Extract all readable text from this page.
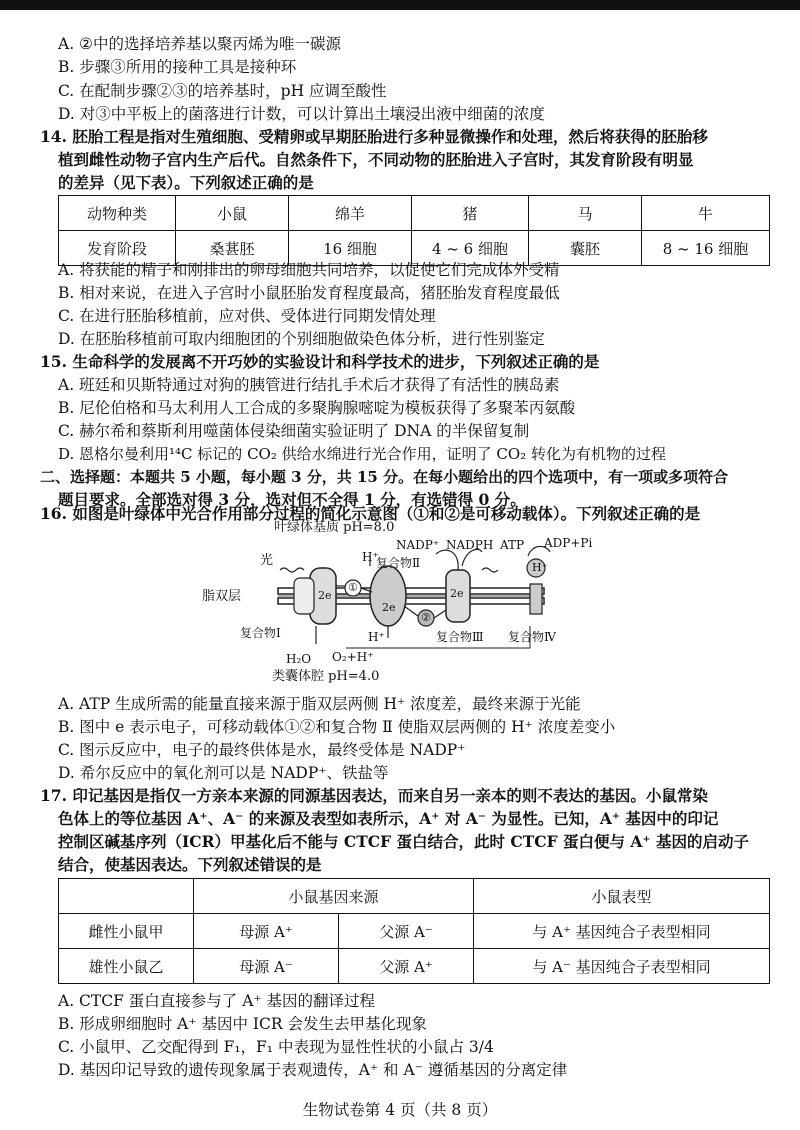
A. ②中的选择培养基以聚丙烯为唯一碳源
B. 步骤③所用的接种工具是接种环
C. 在配制步骤②③的培养基时，pH 应调至酸性
D. 对③中平板上的菌落进行计数，可以计算出土壤浸出液中细菌的浓度
14. 胚胎工程是指对生殖细胞、受精卵或早期胚胎进行多种显微操作和处理，然后将获得的胚胎移
植到雌性动物子宫内生产后代。自然条件下，不同动物的胚胎进入子宫时，其发育阶段有明显
的差异（见下表）。下列叙述正确的是
动物种类	小鼠	绵羊	猪	马	牛
发育阶段	桑葚胚	16 细胞	4 ~ 6 细胞	囊胚	8 ~ 16 细胞
A. 将获能的精子和刚排出的卵母细胞共同培养，以促使它们完成体外受精
B. 相对来说，在进入子宫时小鼠胚胎发育程度最高，猪胚胎发育程度最低
C. 在进行胚胎移植前，应对供、受体进行同期发情处理
D. 在胚胎移植前可取内细胞团的个别细胞做染色体分析，进行性别鉴定
15. 生命科学的发展离不开巧妙的实验设计和科学技术的进步，下列叙述正确的是
A. 班廷和贝斯特通过对狗的胰管进行结扎手术后才获得了有活性的胰岛素
B. 尼伦伯格和马太利用人工合成的多聚胸腺嘧啶为模板获得了多聚苯丙氨酸
C. 赫尔希和蔡斯利用噬菌体侵染细菌实验证明了 DNA 的半保留复制
D. 恩格尔曼利用¹⁴C 标记的 CO₂ 供给水绵进行光合作用，证明了 CO₂ 转化为有机物的过程
二、选择题：本题共 5 小题，每小题 3 分，共 15 分。在每小题给出的四个选项中，有一项或多项符合
题目要求。全部选对得 3 分，选对但不全得 1 分，有选错得 0 分。
16. 如图是叶绿体中光合作用部分过程的简化示意图（①和②是可移动载体）。下列叙述正确的是
叶绿体基质 pH=8.0
NADP⁺ NADPH ATP
光	H⁺
复合物Ⅱ
脂双层	2e
①
2e
②
2e
H⁺
复合物Ⅰ	H⁺	复合物Ⅲ 复合物Ⅳ
H₂O O₂+H⁺
类囊体腔 pH=4.0
ADP+Pi
A. ATP 生成所需的能量直接来源于脂双层两侧 H⁺ 浓度差，最终来源于光能
B. 图中 e 表示电子，可移动载体①②和复合物 Ⅱ 使脂双层两侧的 H⁺ 浓度差变小
C. 图示反应中，电子的最终供体是水，最终受体是 NADP⁺
D. 希尔反应中的氧化剂可以是 NADP⁺、铁盐等
17. 印记基因是指仅一方亲本来源的同源基因表达，而来自另一亲本的则不表达的基因。小鼠常染
色体上的等位基因 A⁺、A⁻ 的来源及表型如表所示，A⁺ 对 A⁻ 为显性。已知，A⁺ 基因中的印记
控制区碱基序列（ICR）甲基化后不能与 CTCF 蛋白结合，此时 CTCF 蛋白便与 A⁺ 基因的启动子
结合，使基因表达。下列叙述错误的是
	小鼠基因来源		小鼠表型
雌性小鼠甲	母源 A⁺	父源 A⁻	与 A⁺ 基因纯合子表型相同
雄性小鼠乙	母源 A⁻	父源 A⁺	与 A⁻ 基因纯合子表型相同
A. CTCF 蛋白直接参与了 A⁺ 基因的翻译过程
B. 形成卵细胞时 A⁺ 基因中 ICR 会发生去甲基化现象
C. 小鼠甲、乙交配得到 F₁，F₁ 中表现为显性性状的小鼠占 3/4
D. 基因印记导致的遗传现象属于表观遗传，A⁺ 和 A⁻ 遵循基因的分离定律
生物试卷第 4 页（共 8 页）
